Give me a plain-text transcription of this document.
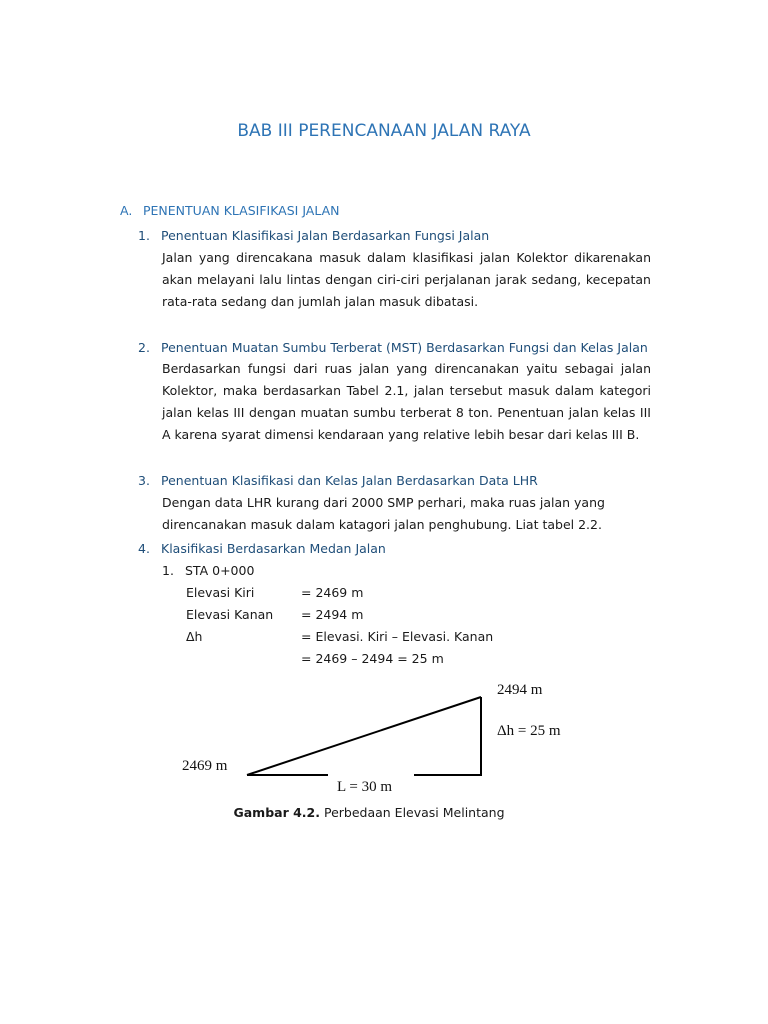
BAB III PERENCANAAN JALAN RAYA
A. PENENTUAN KLASIFIKASI JALAN
1. Penentuan Klasifikasi Jalan Berdasarkan Fungsi Jalan
Jalan yang direncakana masuk dalam klasifikasi jalan Kolektor dikarenakan
akan melayani lalu lintas dengan ciri-ciri perjalanan jarak sedang, kecepatan
rata-rata sedang dan jumlah jalan masuk dibatasi.
2. Penentuan Muatan Sumbu Terberat (MST) Berdasarkan Fungsi dan Kelas Jalan
Berdasarkan fungsi dari ruas jalan yang direncanakan yaitu sebagai jalan
Kolektor, maka berdasarkan Tabel 2.1, jalan tersebut masuk dalam kategori
jalan kelas III dengan muatan sumbu terberat 8 ton. Penentuan jalan kelas III
A karena syarat dimensi kendaraan yang relative lebih besar dari kelas III B.
3. Penentuan Klasifikasi dan Kelas Jalan Berdasarkan Data LHR
Dengan data LHR kurang dari 2000 SMP perhari, maka ruas jalan yang
direncanakan masuk dalam katagori jalan penghubung. Liat tabel 2.2.
4. Klasifikasi Berdasarkan Medan Jalan
1. STA 0+000
Elevasi Kiri	= 2469 m
Elevasi Kanan = 2494 m
Δh	= Elevasi. Kiri – Elevasi. Kanan
= 2469 – 2494 = 25 m
2494 m
Δh = 25 m
2469 m
L = 30 m
Gambar 4.2. Perbedaan Elevasi Melintang
